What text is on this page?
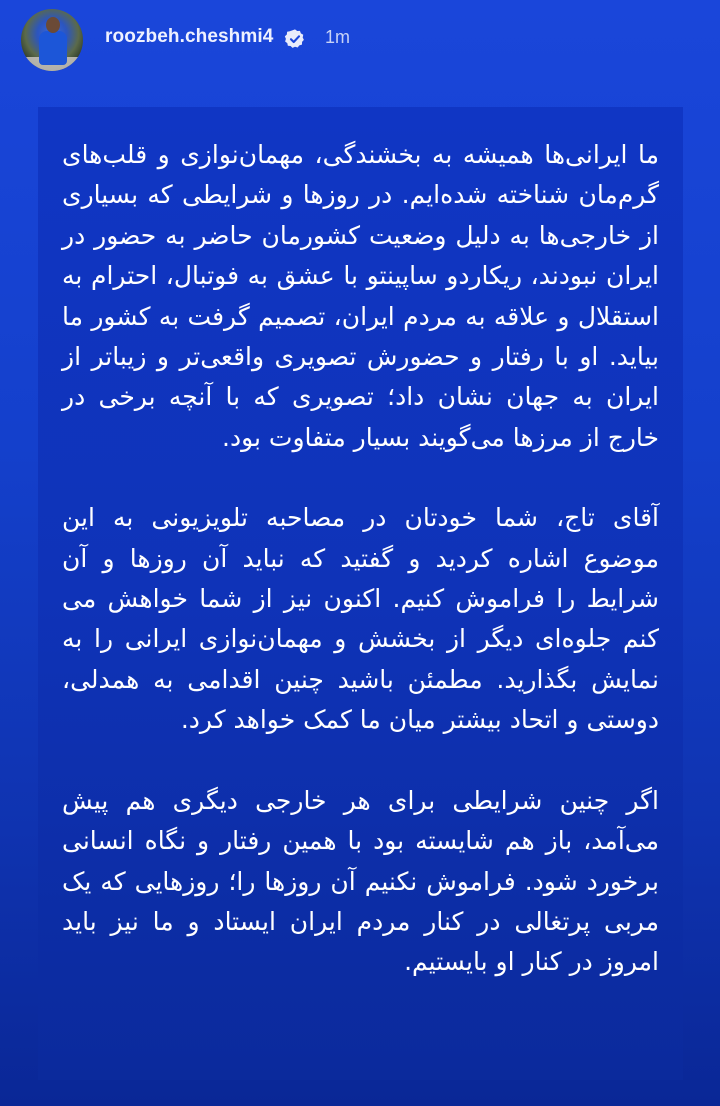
roozbeh.cheshmi4	1m

ما ایرانی‌ها همیشه به بخشندگی، مهمان‌نوازی و قلب‌های گرم‌مان شناخته شده‌ایم. در روزها و شرایطی که بسیاری از خارجی‌ها به دلیل وضعیت کشورمان حاضر به حضور در ایران نبودند، ریکاردو ساپینتو با عشق به فوتبال، احترام به استقلال و علاقه به مردم ایران، تصمیم گرفت به کشور ما بیاید. او با رفتار و حضورش تصویری واقعی‌تر و زیباتر از ایران به جهان نشان داد؛ تصویری که با آنچه برخی در خارج از مرزها می‌گویند بسیار متفاوت بود.

آقای تاج، شما خودتان در مصاحبه تلویزیونی به این موضوع اشاره کردید و گفتید که نباید آن روزها و آن شرایط را فراموش کنیم. اکنون نیز از شما خواهش می کنم جلوه‌ای دیگر از بخشش و مهمان‌نوازی ایرانی را به نمایش بگذارید. مطمئن باشید چنین اقدامی به همدلی، دوستی و اتحاد بیشتر میان ما کمک خواهد کرد.

اگر چنین شرایطی برای هر خارجی دیگری هم پیش می‌آمد، باز هم شایسته بود با همین رفتار و نگاه انسانی برخورد شود. فراموش نکنیم آن روزها را؛ روزهایی که یک مربی پرتغالی در کنار مردم ایران ایستاد و ما نیز باید امروز در کنار او بایستیم.
